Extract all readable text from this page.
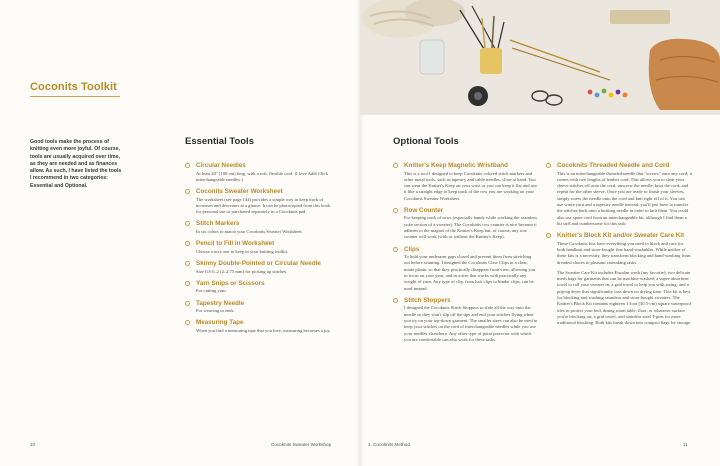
Coconits Toolkit
Good tools make the process of knitting even more joyful. Of course, tools are usually acquired over time, as they are needed and as finances allow. As such, I have listed the tools I recommend in two categories: Essential and Optional.
Essential Tools	Optional Tools
Circular Needles

At least 40" (100 cm) long, with a soft, flexible cord. (I love Addi Click interchangeable needles.)

Coconits Sweater Worksheet

The worksheet (see page 144) provides a simple way to keep track of increases and decreases at a glance. It can be photocopied from this book for personal use or purchased separately in a Cocoknits pad.

Stitch Markers

In six colors to match your Cocoknits Sweater Worksheet.

Pencil to Fill in Worksheet

Choose a nice one to keep in your knitting toolkit.

Skinny Double-Pointed or Circular Needle

Size US 0–2 (2–2.75 mm) for picking up stitches.

Yarn Snips or Scissors

For cutting yarn.

Tapestry Needle

For weaving in ends.

Measuring Tape

When you find a measuring tape that you love, measuring becomes a joy.

Knitter's Keep Magnetic Wristband

This is a tool I designed to keep Cocoknits colored stitch markers and other metal tools, such as tapestry and cable needles, close at hand. You can wear the Knitter's Keep on your wrist or you can keep it flat and use it like a straight edge to keep track of the row you are working on your Cocoknits Sweater Worksheet.

Row Counter

For keeping track of rows (especially handy while working the seamless yoke section of a sweater). The Cocoknits row counter is nice because it adheres to the magnet of the Knitter's Keep but, of course, any row counter will work (with or without the Knitter's Keep).

Clips

To hold your underarm gaps closed and prevent them from stretching out before seaming. I designed the Cocoknits Claw Clips in a clear, matte plastic so that they practically disappear from view, allowing you to focus on your yarn, and in a size that works with practically any weight of yarn. Any type of clip, from hair clips to binder clips, can be used instead.

Stitch Stoppers

I designed the Cocoknits Stitch Stoppers to slide all the way onto the needle so they won't slip off the tips and end your stitches flying when you try on your top-down garment. The smaller sizes can also be used to keep your stitches on the cord of interchangeable needles while you use your needles elsewhere. Any other type of point protector with which you are comfortable can also work for these tasks.

Cocoknits Threaded Needle and Cord

This is an interchangeable threaded needle that "screws" onto any cord; it comes with two lengths of leather cord. This allows you to slide your sleeve stitches off onto the cord, unscrew the needle, knot the cord, and repeat for the other sleeve. Once you are ready to finish your sleeves, simply screw the needle onto the cord and knit right off of it. You can use waste yarn and a tapestry needle instead; you'll just have to transfer the stitches back onto a knitting needle in order to knit them. You could also use spare cord from an interchangeable kit, although I find them a bit stiff and cumbersome for this task.

Knitter's Block Kit and/or Sweater Care Kit

These Cocoknits kits have everything you need to block and care for both handknit and store-bought fine hand-washables. While neither of these kits is a necessity, they transform blocking and hand-washing from dreaded chores to pleasant caretaking tasks.

The Sweater Care Kit includes Eucalan wash (my favorite); two delicate mesh bags for garments that can be machine-washed; a super-absorbent towel to roll your sweater in; a grid towel to help you with sizing; and a pop-up dryer that significantly cuts down on drying time. This kit is best for blocking and washing seamless and store-bought sweaters. The Knitter's Block Kit contains eighteen 1-foot (30.5-cm) square waterproof tiles to protect your bed, dining room table, floor, or whatever surface you're blocking on; a grid towel; and stainless steel T-pins for more traditional blocking. Both kits break down into compact bags for storage.

10	Cocoknits Sweater Workshop	1. Cocoknits Method	11
